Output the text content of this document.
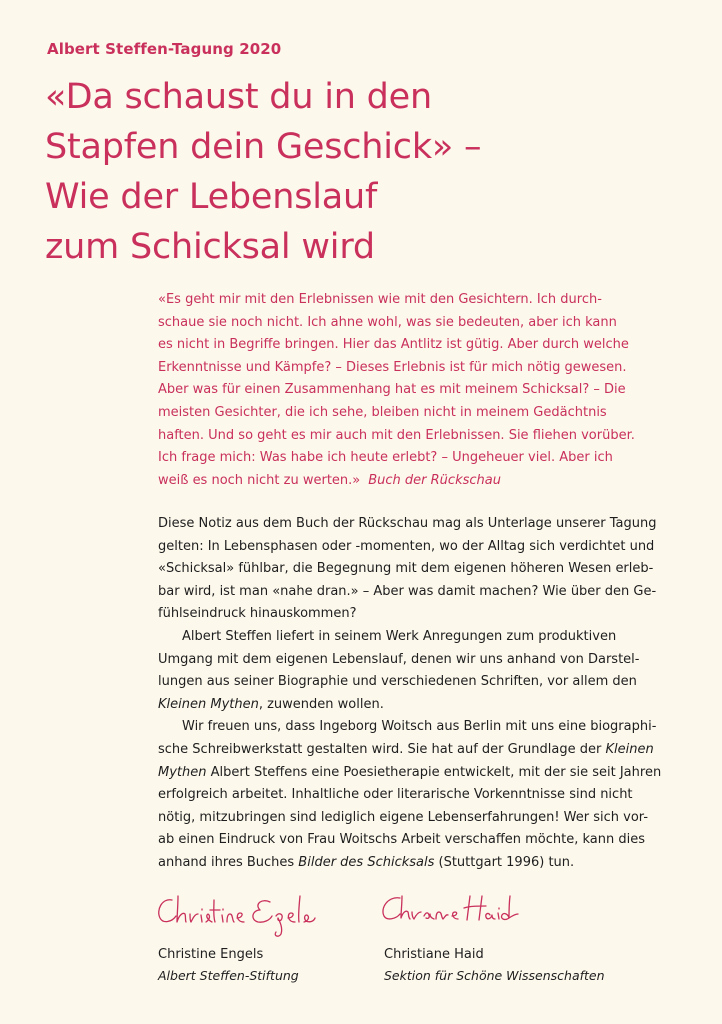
Albert Steffen-Tagung 2020
«Da schaust du in den
Stapfen dein Geschick» –
Wie der Lebenslauf
zum Schicksal wird
«Es geht mir mit den Erlebnissen wie mit den Gesichtern. Ich durch-
schaue sie noch nicht. Ich ahne wohl, was sie bedeuten, aber ich kann
es nicht in Begriffe bringen. Hier das Antlitz ist gütig. Aber durch welche
Erkenntnisse und Kämpfe? – Dieses Erlebnis ist für mich nötig gewesen.
Aber was für einen Zusammenhang hat es mit meinem Schicksal? – Die
meisten Gesichter, die ich sehe, bleiben nicht in meinem Gedächtnis
haften. Und so geht es mir auch mit den Erlebnissen. Sie fliehen vorüber.
Ich frage mich: Was habe ich heute erlebt? – Ungeheuer viel. Aber ich
weiß es noch nicht zu werten.» Buch der Rückschau
Diese Notiz aus dem Buch der Rückschau mag als Unterlage unserer Tagung
gelten: In Lebensphasen oder -momenten, wo der Alltag sich verdichtet und
«Schicksal» fühlbar, die Begegnung mit dem eigenen höheren Wesen erleb-
bar wird, ist man «nahe dran.» – Aber was damit machen? Wie über den Ge-
fühlseindruck hinauskommen?
Albert Steffen liefert in seinem Werk Anregungen zum produktiven
Umgang mit dem eigenen Lebenslauf, denen wir uns anhand von Darstel-
lungen aus seiner Biographie und verschiedenen Schriften, vor allem den
Kleinen Mythen, zuwenden wollen.
Wir freuen uns, dass Ingeborg Woitsch aus Berlin mit uns eine biographi-
sche Schreibwerkstatt gestalten wird. Sie hat auf der Grundlage der Kleinen
Mythen Albert Steffens eine Poesietherapie entwickelt, mit der sie seit Jahren
erfolgreich arbeitet. Inhaltliche oder literarische Vorkenntnisse sind nicht
nötig, mitzubringen sind lediglich eigene Lebenserfahrungen! Wer sich vor-
ab einen Eindruck von Frau Woitschs Arbeit verschaffen möchte, kann dies
anhand ihres Buches Bilder des Schicksals (Stuttgart 1996) tun.
Christine Engels
Albert Steffen-Stiftung
Christiane Haid
Sektion für Schöne Wissenschaften
